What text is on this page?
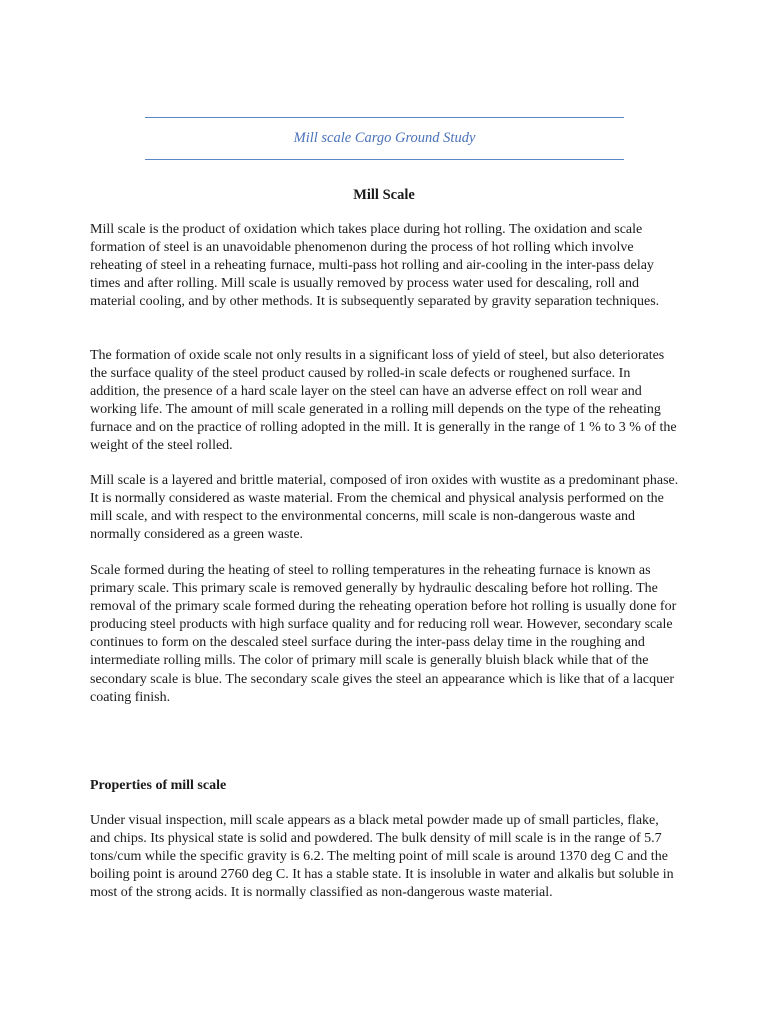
Mill scale Cargo Ground Study
Mill Scale

Mill scale is the product of oxidation which takes place during hot rolling. The oxidation and scale formation of steel is an unavoidable phenomenon during the process of hot rolling which involve reheating of steel in a reheating furnace, multi-pass hot rolling and air-cooling in the inter-pass delay times and after rolling. Mill scale is usually removed by process water used for descaling, roll and material cooling, and by other methods. It is subsequently separated by gravity separation techniques.

The formation of oxide scale not only results in a significant loss of yield of steel, but also deteriorates the surface quality of the steel product caused by rolled-in scale defects or roughened surface. In addition, the presence of a hard scale layer on the steel can have an adverse effect on roll wear and working life. The amount of mill scale generated in a rolling mill depends on the type of the reheating furnace and on the practice of rolling adopted in the mill. It is generally in the range of 1 % to 3 % of the weight of the steel rolled.

Mill scale is a layered and brittle material, composed of iron oxides with wustite as a predominant phase. It is normally considered as waste material. From the chemical and physical analysis performed on the mill scale, and with respect to the environmental concerns, mill scale is non-dangerous waste and normally considered as a green waste.

Scale formed during the heating of steel to rolling temperatures in the reheating furnace is known as primary scale. This primary scale is removed generally by hydraulic descaling before hot rolling. The removal of the primary scale formed during the reheating operation before hot rolling is usually done for producing steel products with high surface quality and for reducing roll wear. However, secondary scale continues to form on the descaled steel surface during the inter-pass delay time in the roughing and intermediate rolling mills. The color of primary mill scale is generally bluish black while that of the secondary scale is blue. The secondary scale gives the steel an appearance which is like that of a lacquer coating finish.

Properties of mill scale

Under visual inspection, mill scale appears as a black metal powder made up of small particles, flake, and chips. Its physical state is solid and powdered. The bulk density of mill scale is in the range of 5.7 tons/cum while the specific gravity is 6.2. The melting point of mill scale is around 1370 deg C and the boiling point is around 2760 deg C. It has a stable state. It is insoluble in water and alkalis but soluble in most of the strong acids. It is normally classified as non-dangerous waste material.
